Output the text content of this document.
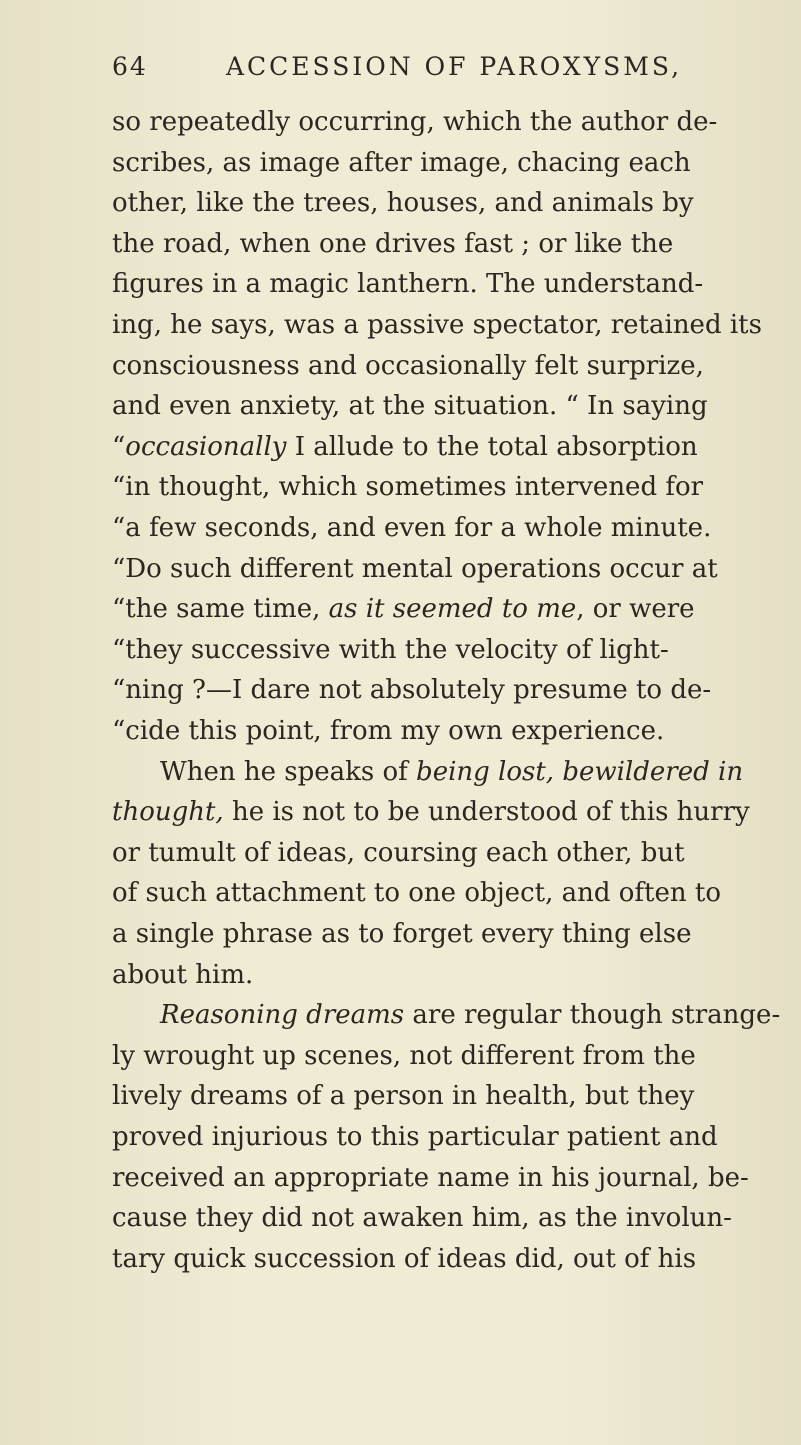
64	ACCESSION OF PAROXYSMS,
so repeatedly occurring, which the author de-
scribes, as image after image, chacing each
other, like the trees, houses, and animals by
the road, when one drives fast ; or like the
figures in a magic lanthern. The understand-
ing, he says, was a passive spectator, retained its
consciousness and occasionally felt surprize,
and even anxiety, at the situation. “ In saying
“occasionally I allude to the total absorption
“in thought, which sometimes intervened for
“a few seconds, and even for a whole minute.
“Do such different mental operations occur at
“the same time, as it seemed to me, or were
“they successive with the velocity of light-
“ning ?—I dare not absolutely presume to de-
“cide this point, from my own experience.
When he speaks of being lost, bewildered in
thought, he is not to be understood of this hurry
or tumult of ideas, coursing each other, but
of such attachment to one object, and often to
a single phrase as to forget every thing else
about him.
Reasoning dreams are regular though strange-
ly wrought up scenes, not different from the
lively dreams of a person in health, but they
proved injurious to this particular patient and
received an appropriate name in his journal, be-
cause they did not awaken him, as the involun-
tary quick succession of ideas did, out of his
